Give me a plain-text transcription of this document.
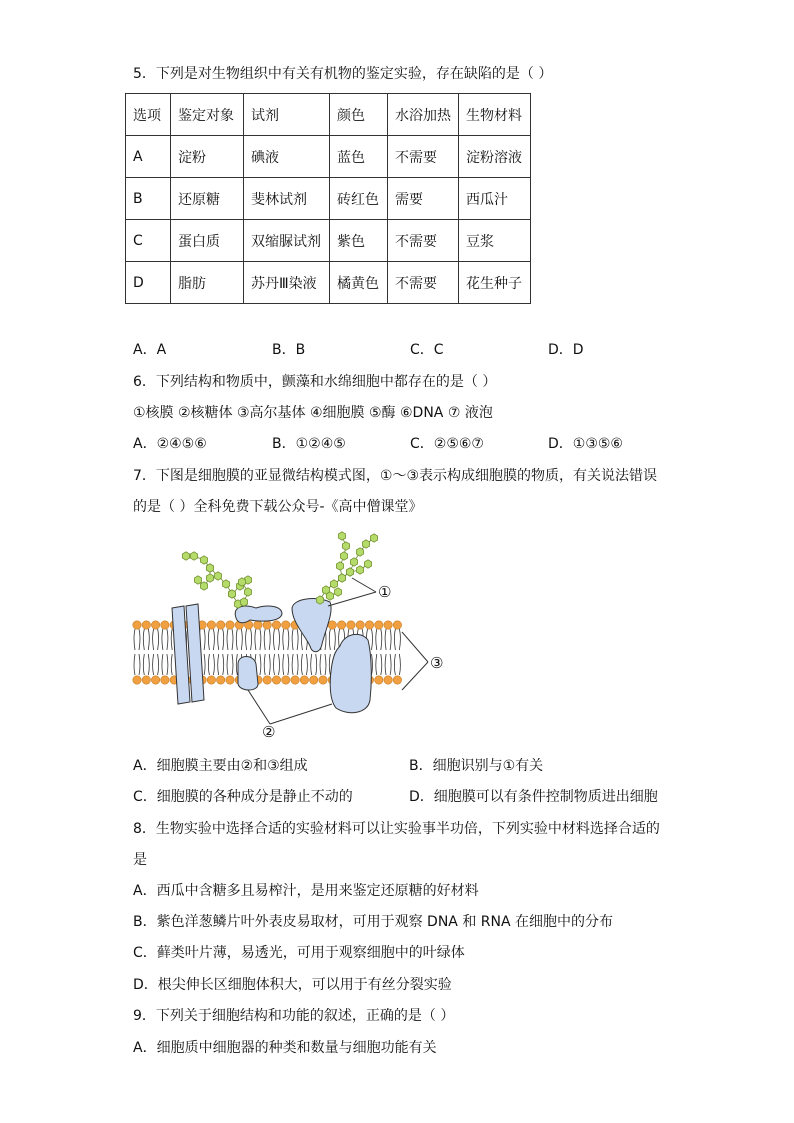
5．下列是对生物组织中有关有机物的鉴定实验，存在缺陷的是（ ）
选项	鉴定对象	试剂	颜色	水浴加热	生物材料
A	淀粉	碘液	蓝色	不需要	淀粉溶液
B	还原糖	斐林试剂	砖红色	需要	西瓜汁
C	蛋白质	双缩脲试剂	紫色	不需要	豆浆
D	脂肪	苏丹Ⅲ染液	橘黄色	不需要	花生种子
A．A	B．B	C．C	D．D
6．下列结构和物质中，颤藻和水绵细胞中都存在的是（ ）
①核膜 ②核糖体 ③高尔基体 ④细胞膜 ⑤酶 ⑥DNA ⑦ 液泡
A．②④⑤⑥	B．①②④⑤	C．②⑤⑥⑦	D．①③⑤⑥
7．下图是细胞膜的亚显微结构模式图，①～③表示构成细胞膜的物质，有关说法错误
的是（ ）全科免费下载公众号-《高中僧课堂》
①
③
②
A．细胞膜主要由②和③组成	B．细胞识别与①有关
C．细胞膜的各种成分是静止不动的	D．细胞膜可以有条件控制物质进出细胞
8．生物实验中选择合适的实验材料可以让实验事半功倍，下列实验中材料选择合适的
是
A．西瓜中含糖多且易榨汁，是用来鉴定还原糖的好材料
B．紫色洋葱鳞片叶外表皮易取材，可用于观察 DNA 和 RNA 在细胞中的分布
C．藓类叶片薄，易透光，可用于观察细胞中的叶绿体
D．根尖伸长区细胞体积大，可以用于有丝分裂实验
9．下列关于细胞结构和功能的叙述，正确的是（ ）
A．细胞质中细胞器的种类和数量与细胞功能有关
